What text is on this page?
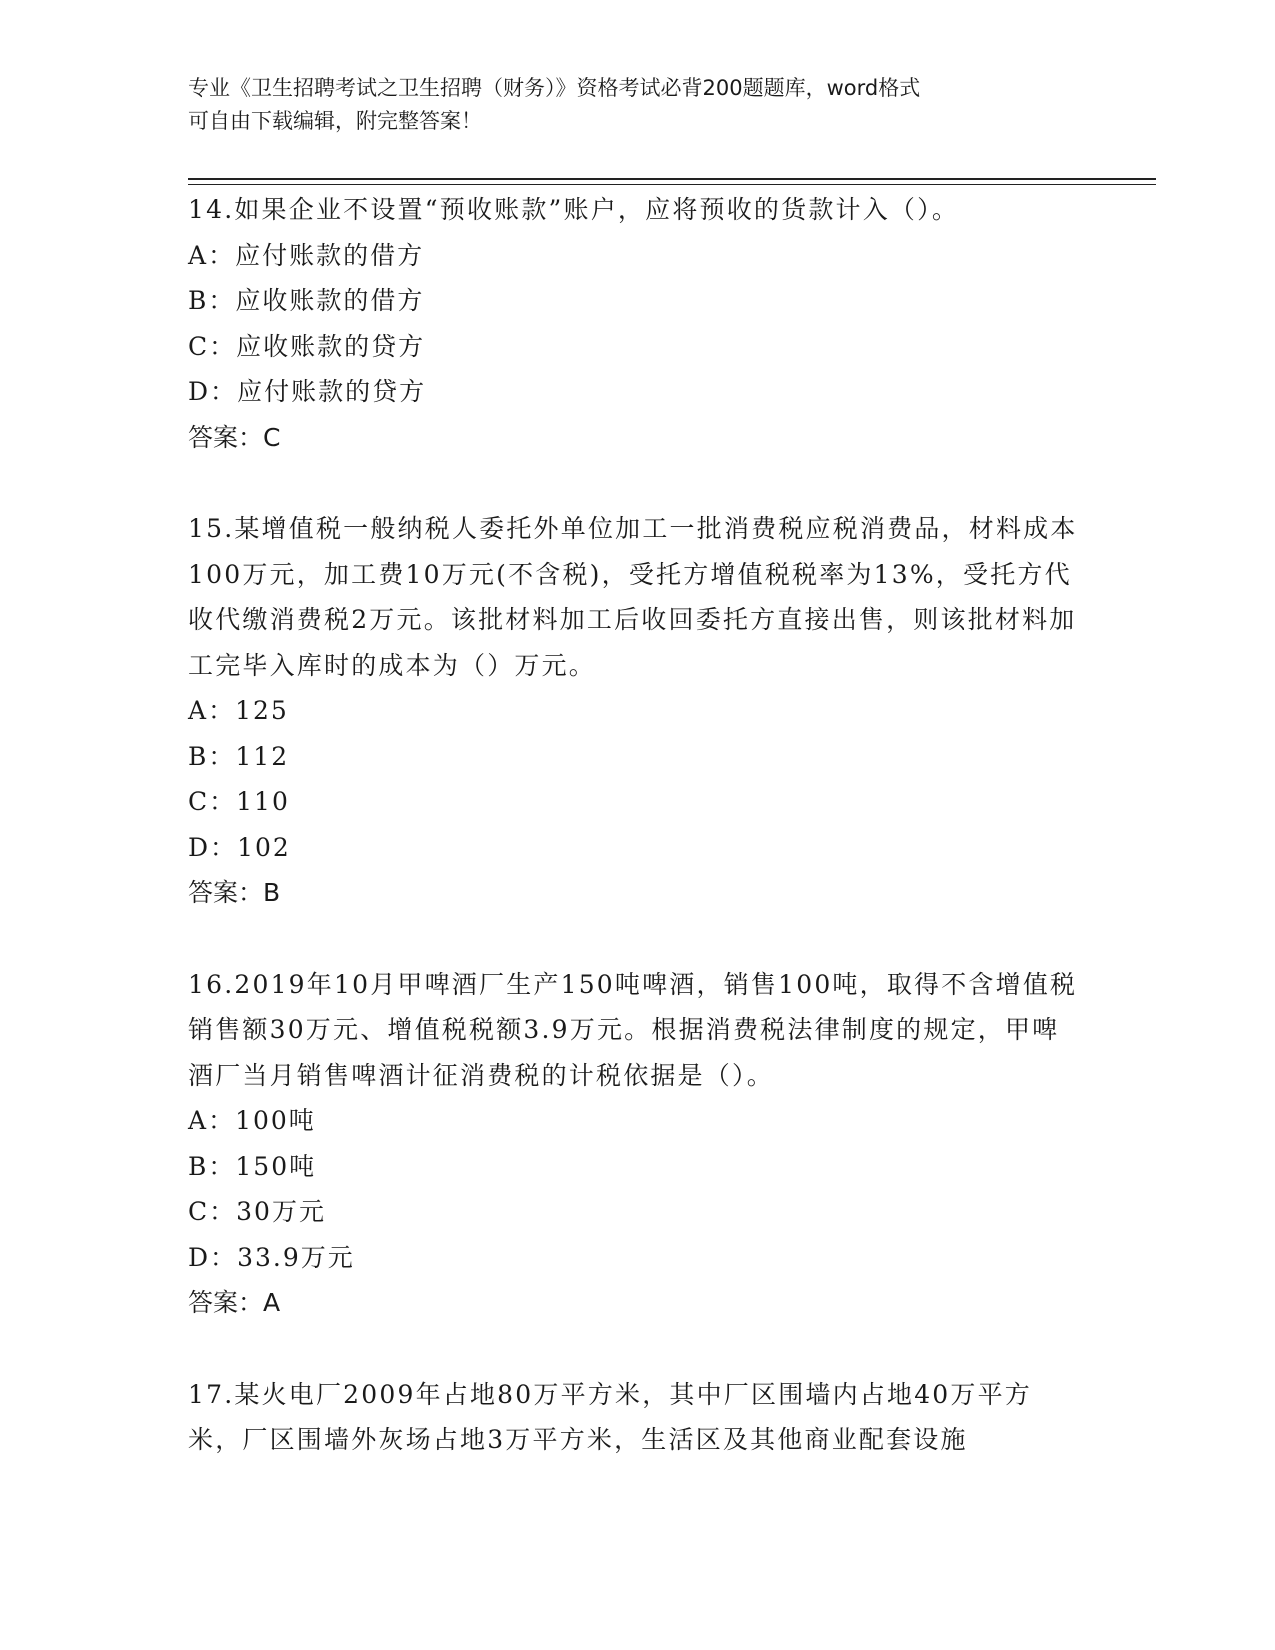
专业《卫生招聘考试之卫生招聘（财务）》资格考试必背200题题库，word格式
可自由下载编辑，附完整答案！

14.如果企业不设置“预收账款”账户，应将预收的货款计入（）。

A：应付账款的借方

B：应收账款的借方

C：应收账款的贷方

D：应付账款的贷方

答案：C

15.某增值税一般纳税人委托外单位加工一批消费税应税消费品，材料成本100万元，加工费10万元(不含税)，受托方增值税税率为13%，受托方代收代缴消费税2万元。该批材料加工后收回委托方直接出售，则该批材料加工完毕入库时的成本为（）万元。

A：125

B：112

C：110

D：102

答案：B

16.2019年10月甲啤酒厂生产150吨啤酒，销售100吨，取得不含增值税销售额30万元、增值税税额3.9万元。根据消费税法律制度的规定，甲啤酒厂当月销售啤酒计征消费税的计税依据是（）。

A：100吨

B：150吨

C：30万元

D：33.9万元

答案：A

17.某火电厂2009年占地80万平方米，其中厂区围墙内占地40万平方米，厂区围墙外灰场占地3万平方米，生活区及其他商业配套设施
